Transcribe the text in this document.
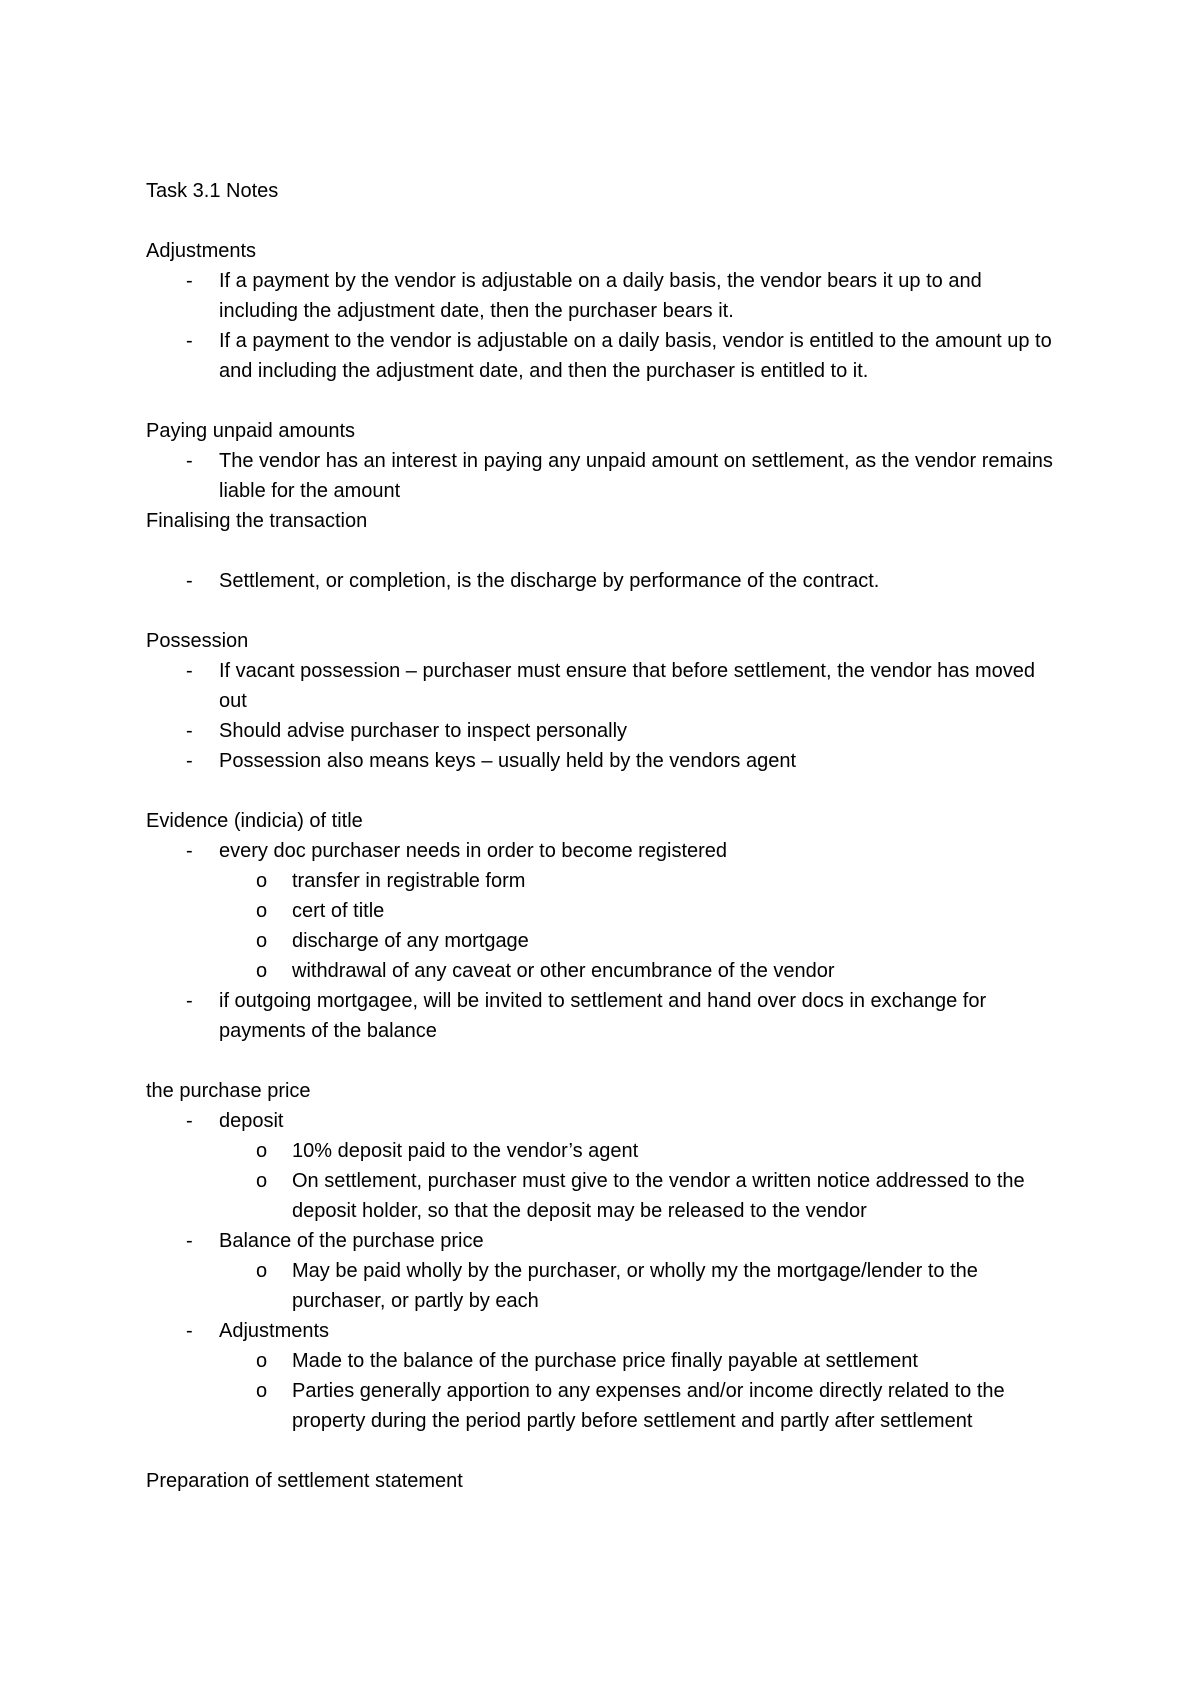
Task 3.1 Notes
Adjustments
- If a payment by the vendor is adjustable on a daily basis, the vendor bears it up to and including the adjustment date, then the purchaser bears it.
- If a payment to the vendor is adjustable on a daily basis, vendor is entitled to the amount up to and including the adjustment date, and then the purchaser is entitled to it.
Paying unpaid amounts
- The vendor has an interest in paying any unpaid amount on settlement, as the vendor remains liable for the amount
Finalising the transaction
- Settlement, or completion, is the discharge by performance of the contract.
Possession
- If vacant possession – purchaser must ensure that before settlement, the vendor has moved out
- Should advise purchaser to inspect personally
- Possession also means keys – usually held by the vendors agent
Evidence (indicia) of title
- every doc purchaser needs in order to become registered
o transfer in registrable form
o cert of title
o discharge of any mortgage
o withdrawal of any caveat or other encumbrance of the vendor
- if outgoing mortgagee, will be invited to settlement and hand over docs in exchange for payments of the balance
the purchase price
- deposit
o 10% deposit paid to the vendor’s agent
o On settlement, purchaser must give to the vendor a written notice addressed to the deposit holder, so that the deposit may be released to the vendor
- Balance of the purchase price
o May be paid wholly by the purchaser, or wholly my the mortgage/lender to the purchaser, or partly by each
- Adjustments
o Made to the balance of the purchase price finally payable at settlement
o Parties generally apportion to any expenses and/or income directly related to the property during the period partly before settlement and partly after settlement
Preparation of settlement statement
